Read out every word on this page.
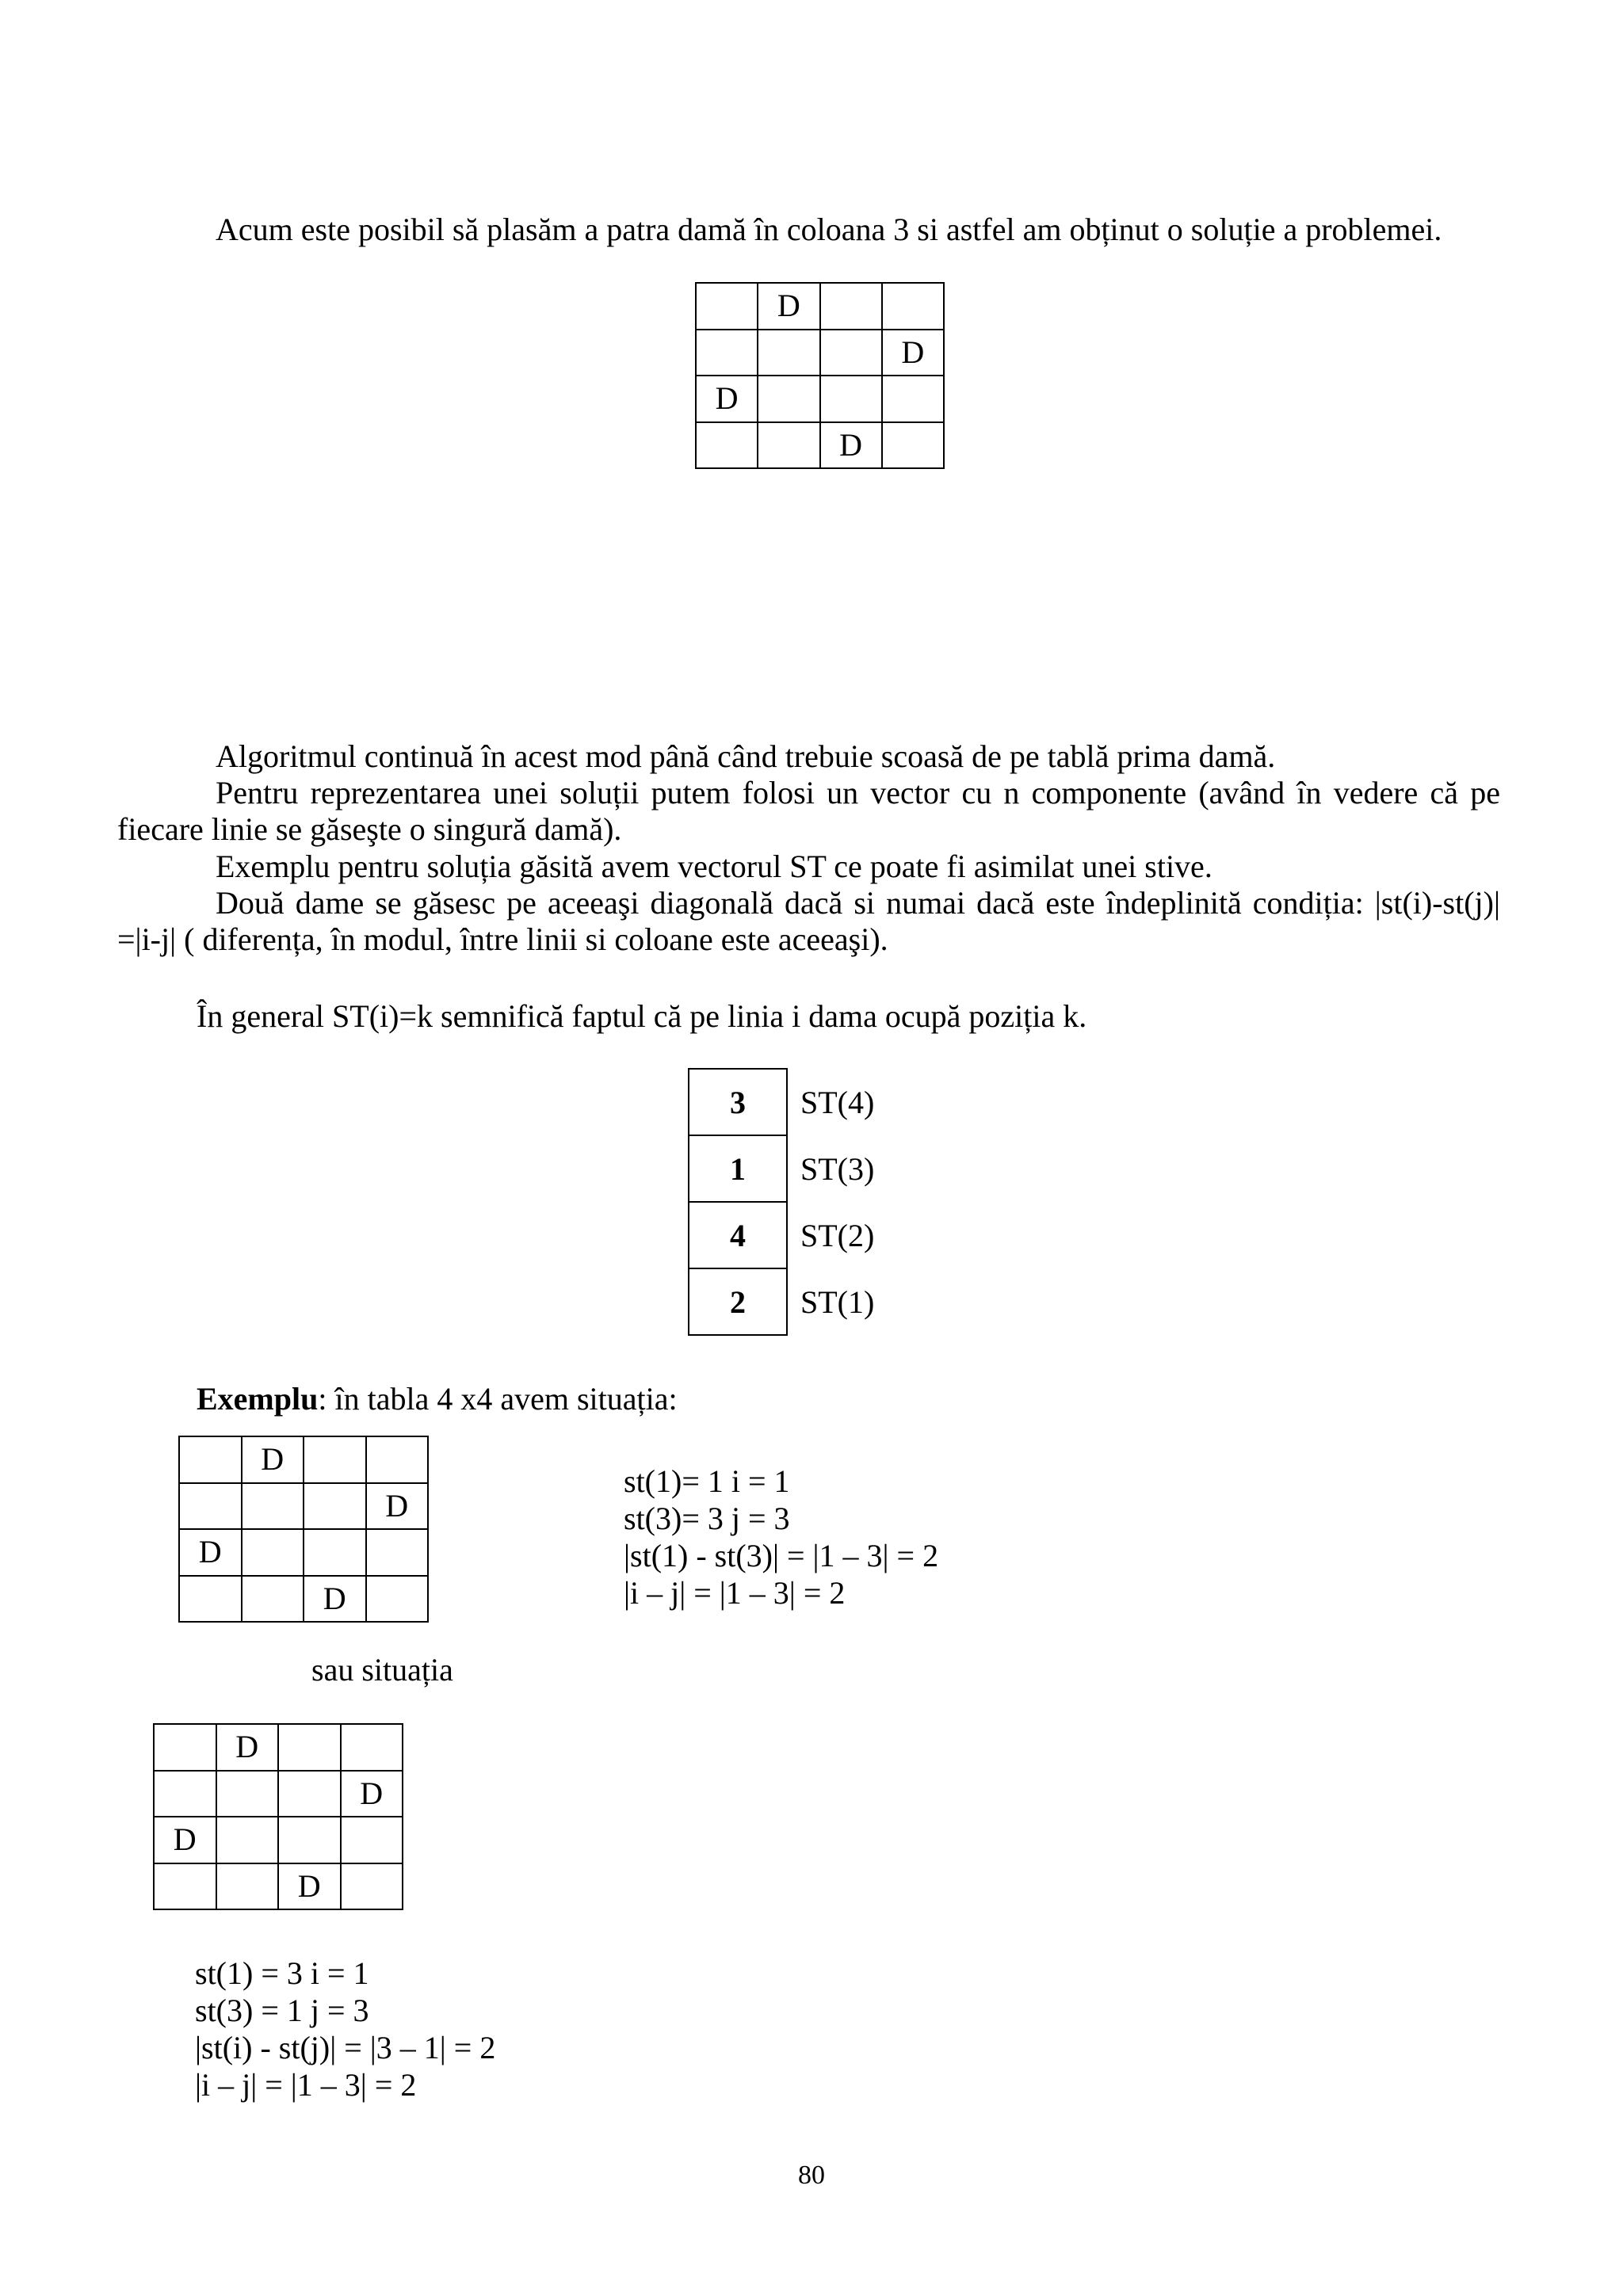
Acum este posibil să plasăm a patra damă în coloana 3 si astfel am obținut o soluție a problemei.
	D		
			D
D			
		D	
Algoritmul continuă în acest mod până când trebuie scoasă de pe tablă prima damă.
Pentru reprezentarea unei soluții putem folosi un vector cu n componente (având în vedere că pe
fiecare linie se găseşte o singură damă).
Exemplu pentru soluția găsită avem vectorul ST ce poate fi asimilat unei stive.
Două dame se găsesc pe aceeaşi diagonală dacă si numai dacă este îndeplinită condiția: |st(i)-st(j)|
=|i-j| ( diferența, în modul, între linii si coloane este aceeaşi).
În general ST(i)=k semnifică faptul că pe linia i dama ocupă poziția k.
3	ST(4)
1	ST(3)
4	ST(2)
2	ST(1)
Exemplu: în tabla 4 x4 avem situația:
	D		
			D
D			
		D	
st(1)= 1 i = 1
st(3)= 3 j = 3
|st(1) - st(3)| = |1 – 3| = 2
|i – j| = |1 – 3| = 2
sau situația
	D		
			D
D			
		D	
st(1) = 3 i = 1
st(3) = 1 j = 3
|st(i) - st(j)| = |3 – 1| = 2
|i – j| = |1 – 3| = 2
80
